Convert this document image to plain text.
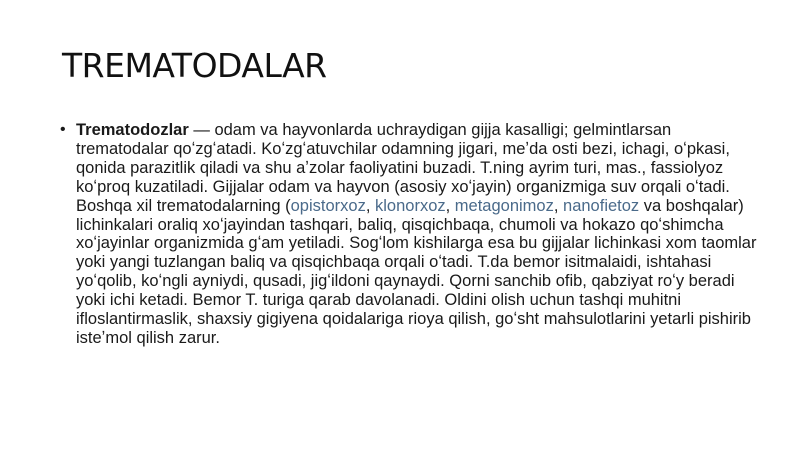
TREMATODALAR
• Trematodozlar — odam va hayvonlarda uchraydigan gijja kasalligi; gelmintlarsan trematodalar qoʻzgʻatadi. Koʻzgʻatuvchilar odamning jigari, meʼda osti bezi, ichagi, oʻpkasi, qonida parazitlik qiladi va shu aʼzolar faoliyatini buzadi. T.ning ayrim turi, mas., fassiolyoz koʻproq kuzatiladi. Gijjalar odam va hayvon (asosiy xoʻjayin) organizmiga suv orqali oʻtadi. Boshqa xil trematodalarning (opistorxoz, klonorxoz, metagonimoz, nanofietoz va boshqalar) lichinkalari oraliq xoʻjayindan tashqari, baliq, qisqichbaqa, chumoli va hokazo qoʻshimcha xoʻjayinlar organizmida gʻam yetiladi. Sogʻlom kishilarga esa bu gijjalar lichinkasi xom taomlar yoki yangi tuzlangan baliq va qisqichbaqa orqali oʻtadi. T.da bemor isitmalaidi, ishtahasi yoʻqolib, koʻngli ayniydi, qusadi, jigʻildoni qaynaydi. Qorni sanchib ofib, qabziyat roʻy beradi yoki ichi ketadi. Bemor T. turiga qarab davolanadi. Oldini olish uchun tashqi muhitni ifloslantirmaslik, shaxsiy gigiyena qoidalariga rioya qilish, goʻsht mahsulotlarini yetarli pishirib isteʼmol qilish zarur.
